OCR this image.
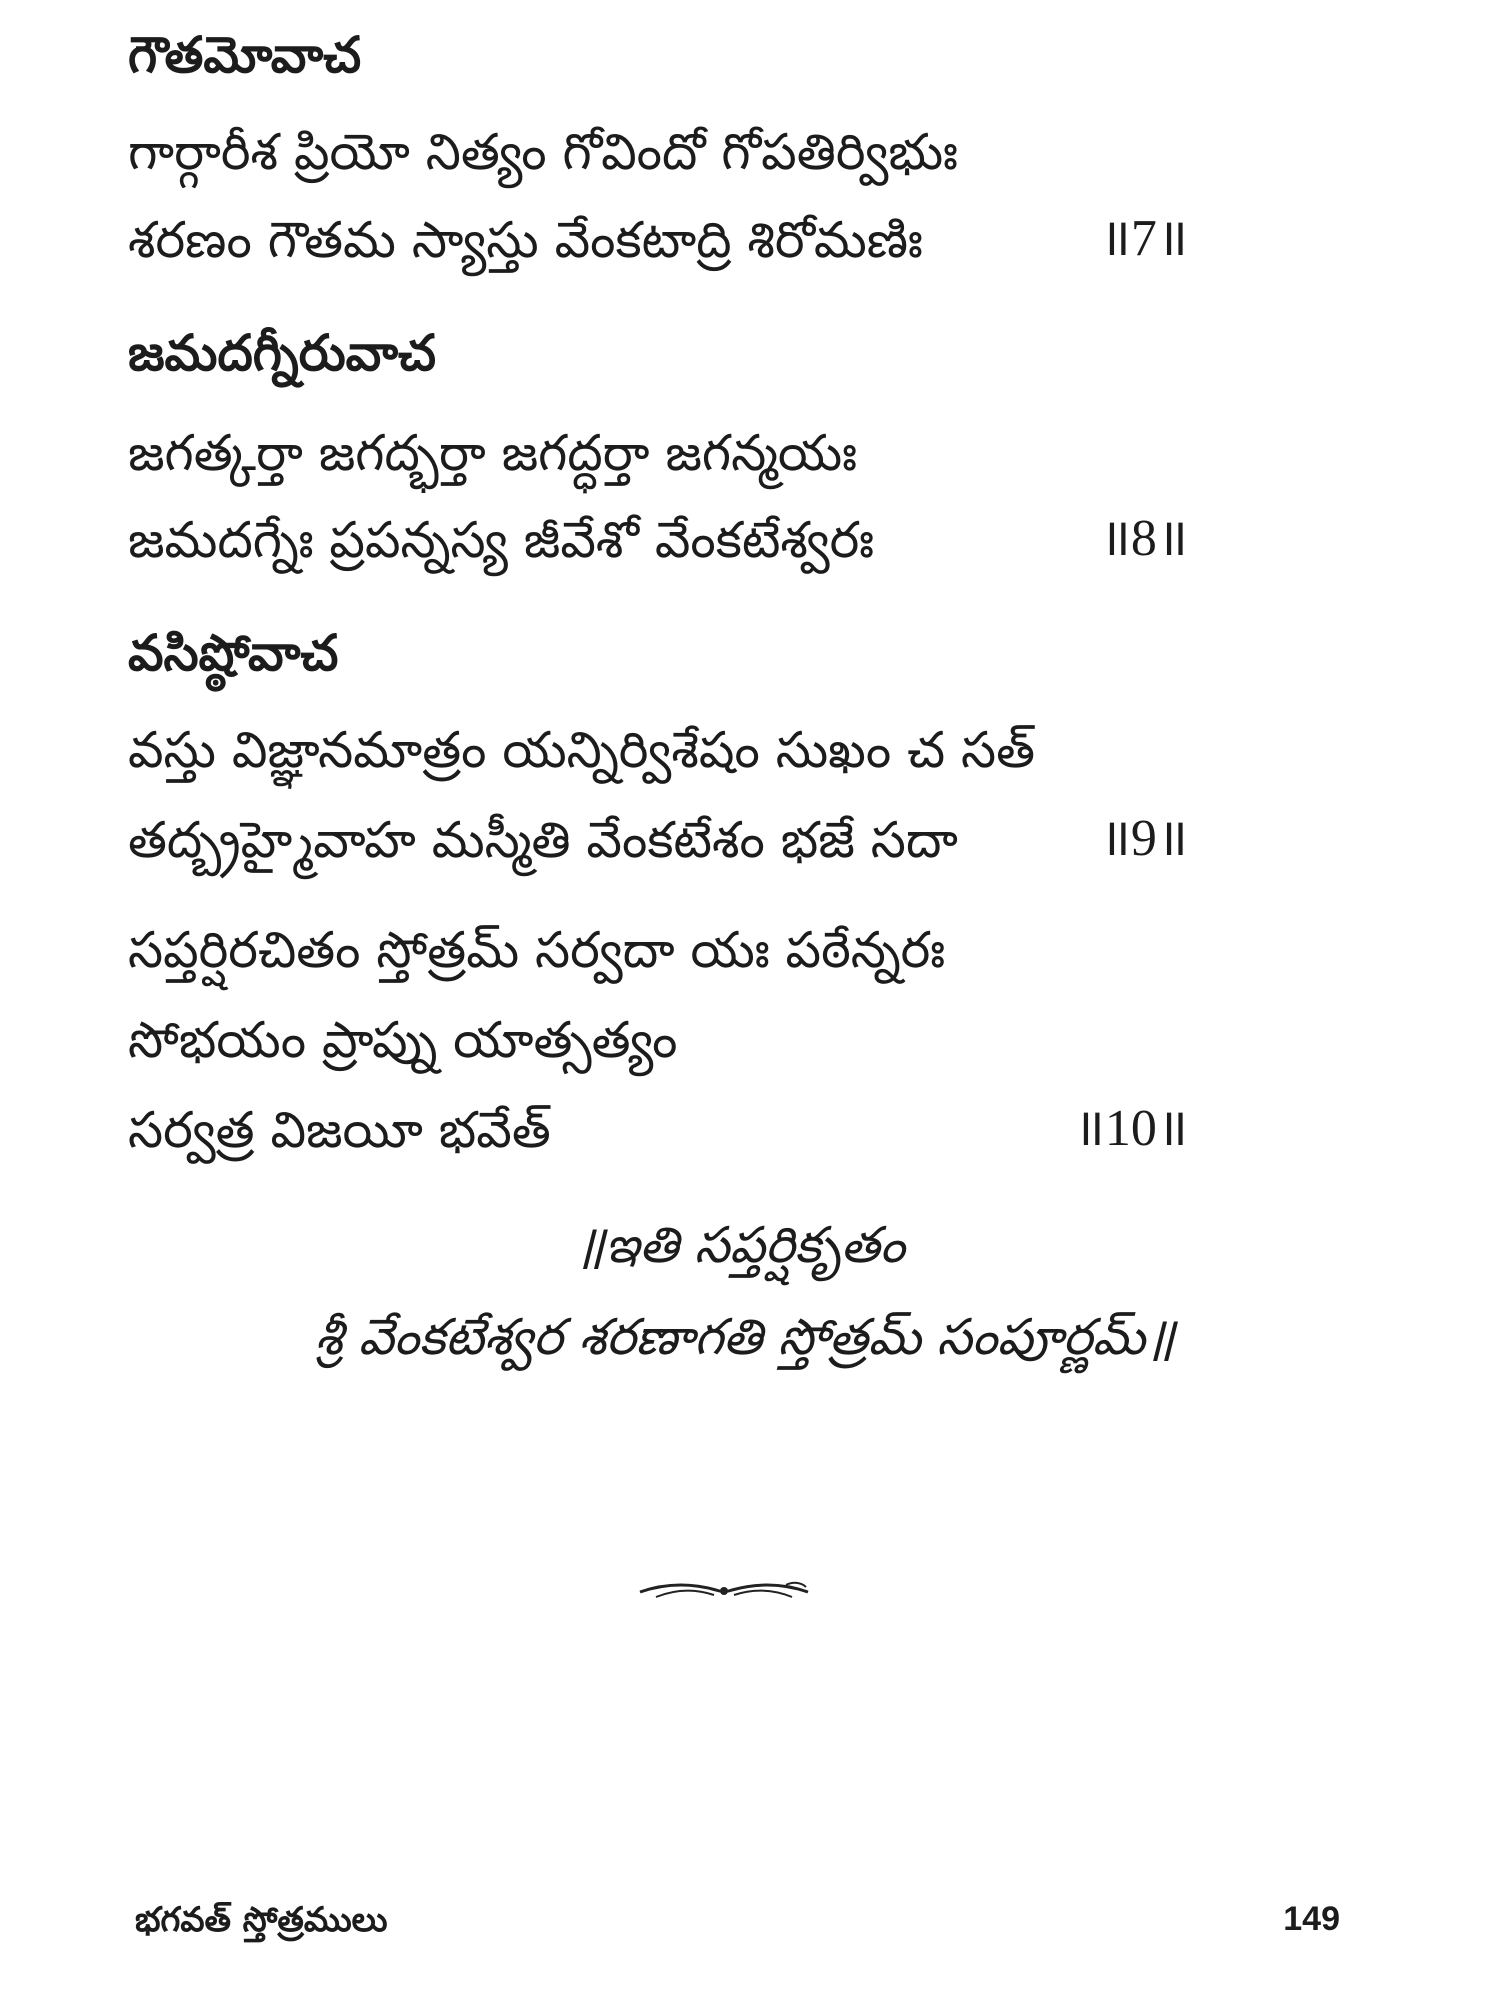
గౌతమోవాచ
గార్గారీశ ప్రియో నిత్యం గోవిందో గోపతిర్విభుః
శరణం గౌతమ స్యాస్తు వేంకటాద్రి శిరోమణిః	॥7॥
జమదగ్నీరువాచ
జగత్కర్తా జగద్భర్తా జగద్ధర్తా జగన్మయః
జమదగ్నేః ప్రపన్నస్య జీవేశో వేంకటేశ్వరః	॥8॥
వసిష్ఠోవాచ
వస్తు విజ్ఞానమాత్రం యన్నిర్విశేషం సుఖం చ సత్
తద్బ్రహ్మైవాహ మస్మీతి వేంకటేశం భజే సదా	॥9॥
సప్తర్షిరచితం స్తోత్రమ్ సర్వదా యః పఠేన్నరః
సోభయం ప్రాప్ను యాత్సత్యం
సర్వత్ర విజయీ భవేత్	॥10॥
॥ఇతి సప్తర్షికృతం
శ్రీ వేంకటేశ్వర శరణాగతి స్తోత్రమ్ సంపూర్ణమ్॥
భగవత్ స్తోత్రములు	149
